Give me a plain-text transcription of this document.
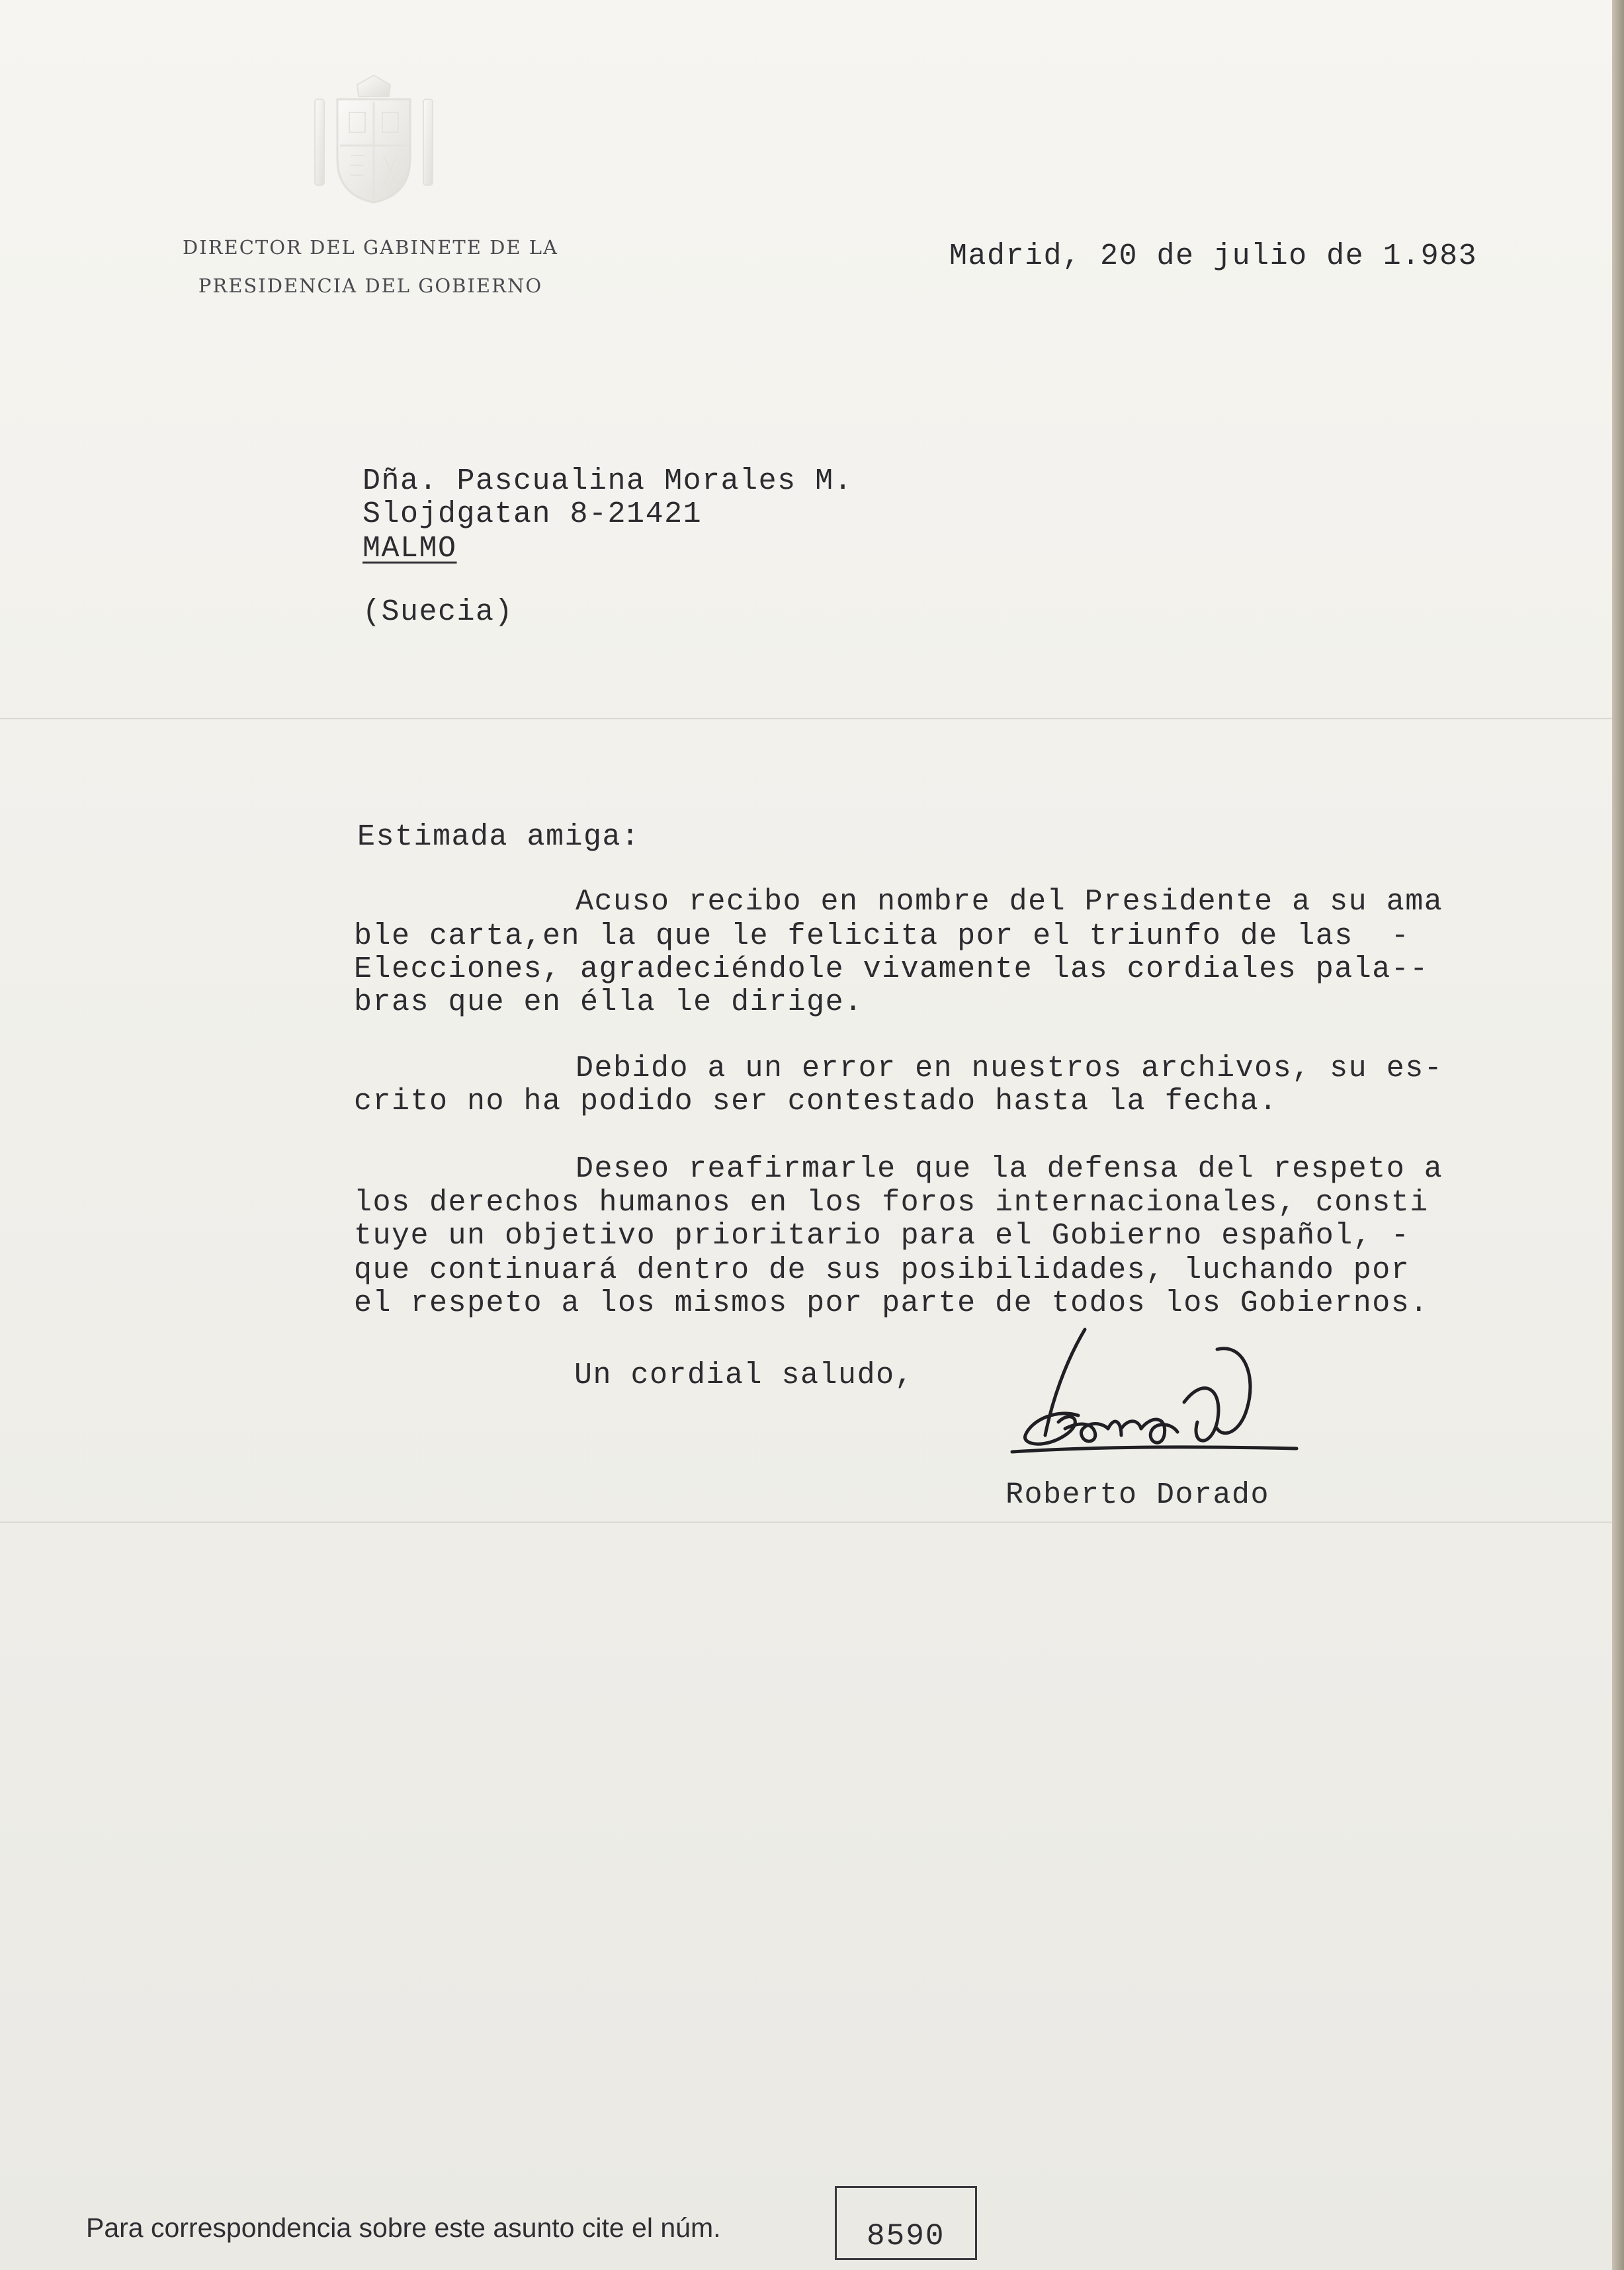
DIRECTOR DEL GABINETE DE LA
PRESIDENCIA DEL GOBIERNO
Madrid, 20 de julio de 1.983
Dña. Pascualina Morales M.
Slojdgatan 8-21421
MALMO
(Suecia)
Estimada amiga:
Acuso recibo en nombre del Presidente a su ama
ble carta,en la que le felicita por el triunfo de las  -
Elecciones, agradeciéndole vivamente las cordiales pala--
bras que en élla le dirige.
Debido a un error en nuestros archivos, su es-
crito no ha podido ser contestado hasta la fecha.
Deseo reafirmarle que la defensa del respeto a
los derechos humanos en los foros internacionales, consti
tuye un objetivo prioritario para el Gobierno español, -
que continuará dentro de sus posibilidades, luchando por
el respeto a los mismos por parte de todos los Gobiernos.
Un cordial saludo,
Roberto Dorado
Para correspondencia sobre este asunto cite el núm.	8590
